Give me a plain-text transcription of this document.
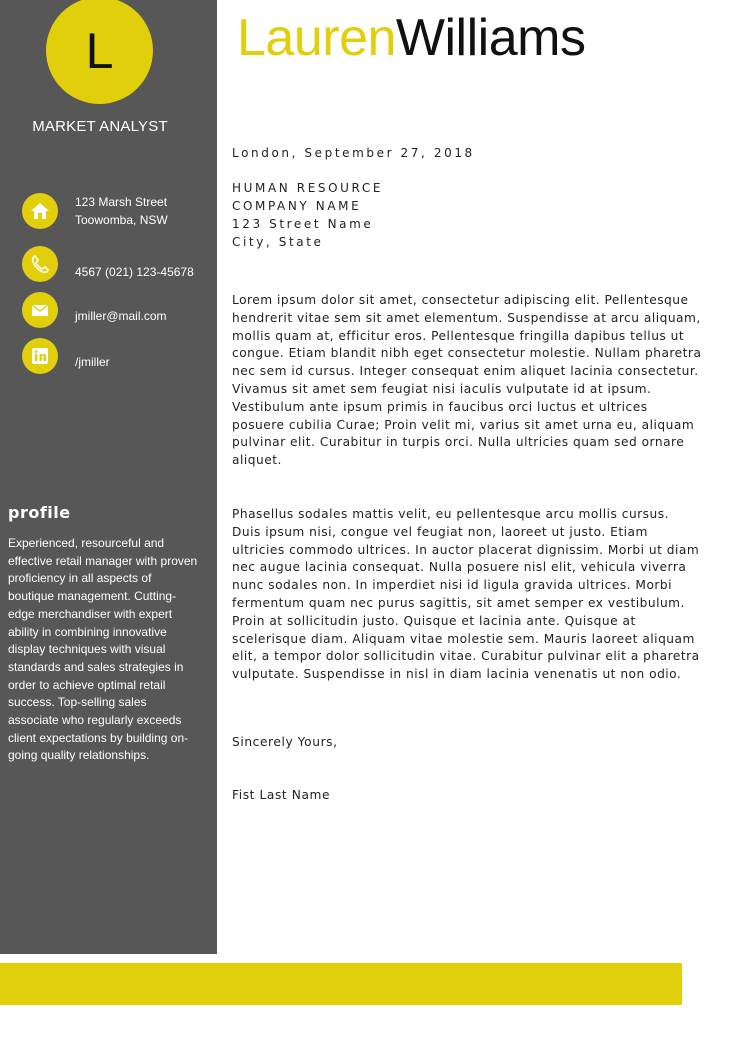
L
MARKET ANALYST
123 Marsh Street
Toowomba, NSW
4567 (021) 123-45678
jmiller@mail.com
/jmiller
profile
Experienced, resourceful and effective retail manager with proven proficiency in all aspects of boutique management. Cutting-edge merchandiser with expert ability in combining innovative display techniques with visual standards and sales strategies in order to achieve optimal retail success. Top-selling sales associate who regularly exceeds client expectations by building on-going quality relationships.
LaurenWilliams
London, September 27, 2018
HUMAN RESOURCE
COMPANY NAME
123 Street Name
City, State
Lorem ipsum dolor sit amet, consectetur adipiscing elit. Pellentesque hendrerit vitae sem sit amet elementum. Suspendisse at arcu aliquam, mollis quam at, efficitur eros. Pellentesque fringilla dapibus tellus ut congue. Etiam blandit nibh eget consectetur molestie. Nullam pharetra nec sem id cursus. Integer consequat enim aliquet lacinia consectetur. Vivamus sit amet sem feugiat nisi iaculis vulputate id at ipsum. Vestibulum ante ipsum primis in faucibus orci luctus et ultrices posuere cubilia Curae; Proin velit mi, varius sit amet urna eu, aliquam pulvinar elit. Curabitur in turpis orci. Nulla ultricies quam sed ornare aliquet.
Phasellus sodales mattis velit, eu pellentesque arcu mollis cursus. Duis ipsum nisi, congue vel feugiat non, laoreet ut justo. Etiam ultricies commodo ultrices. In auctor placerat dignissim. Morbi ut diam nec augue lacinia consequat. Nulla posuere nisl elit, vehicula viverra nunc sodales non. In imperdiet nisi id ligula gravida ultrices. Morbi fermentum quam nec purus sagittis, sit amet semper ex vestibulum. Proin at sollicitudin justo. Quisque et lacinia ante. Quisque at scelerisque diam. Aliquam vitae molestie sem. Mauris laoreet aliquam elit, a tempor dolor sollicitudin vitae. Curabitur pulvinar elit a pharetra vulputate. Suspendisse in nisl in diam lacinia venenatis ut non odio.
Sincerely Yours,
Fist Last Name
